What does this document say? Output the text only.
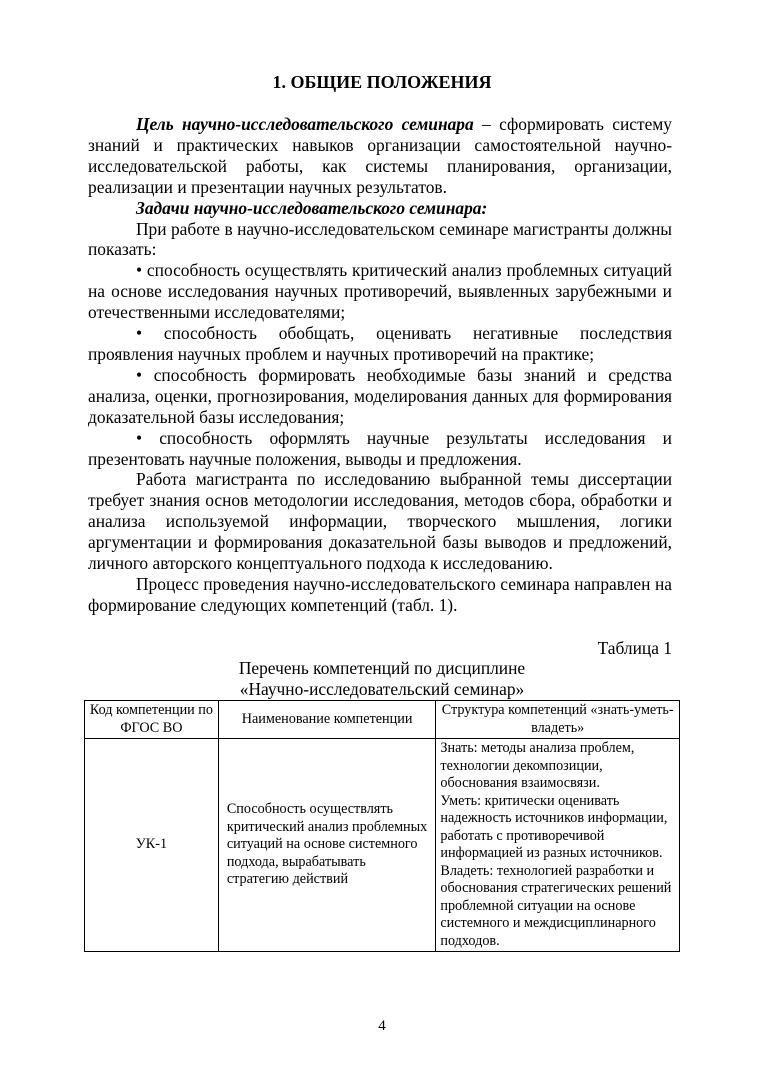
1. ОБЩИЕ ПОЛОЖЕНИЯ

Цель научно-исследовательского семинара – сформировать систему знаний и практических навыков организации самостоятельной научно-исследовательской работы, как системы планирования, организации, реализации и презентации научных результатов.

Задачи научно-исследовательского семинара:

При работе в научно-исследовательском семинаре магистранты должны показать:

• способность осуществлять критический анализ проблемных ситуаций на основе исследования научных противоречий, выявленных зарубежными и отечественными исследователями;

• способность обобщать, оценивать негативные последствия проявления научных проблем и научных противоречий на практике;

• способность формировать необходимые базы знаний и средства анализа, оценки, прогнозирования, моделирования данных для формирования доказательной базы исследования;

• способность оформлять научные результаты исследования и презентовать научные положения, выводы и предложения.

Работа магистранта по исследованию выбранной темы диссертации требует знания основ методологии исследования, методов сбора, обработки и анализа используемой информации, творческого мышления, логики аргументации и формирования доказательной базы выводов и предложений, личного авторского концептуального подхода к исследованию.

Процесс проведения научно-исследовательского семинара направлен на формирование следующих компетенций (табл. 1).

Таблица 1
Перечень компетенций по дисциплине
«Научно-исследовательский семинар»
Код компетенции по ФГОС ВО	Наименование компетенции	Структура компетенций «знать-уметь-владеть»
УК-1	Способность осуществлять критический анализ проблемных ситуаций на основе системного подхода, вырабатывать стратегию действий	Знать: методы анализа проблем, технологии декомпозиции, обоснования взаимосвязи.
Уметь: критически оценивать надежность источников информации, работать с противоречивой информацией из разных источников.
Владеть: технологией разработки и обоснования стратегических решений проблемной ситуации на основе системного и междисциплинарного подходов.
4
